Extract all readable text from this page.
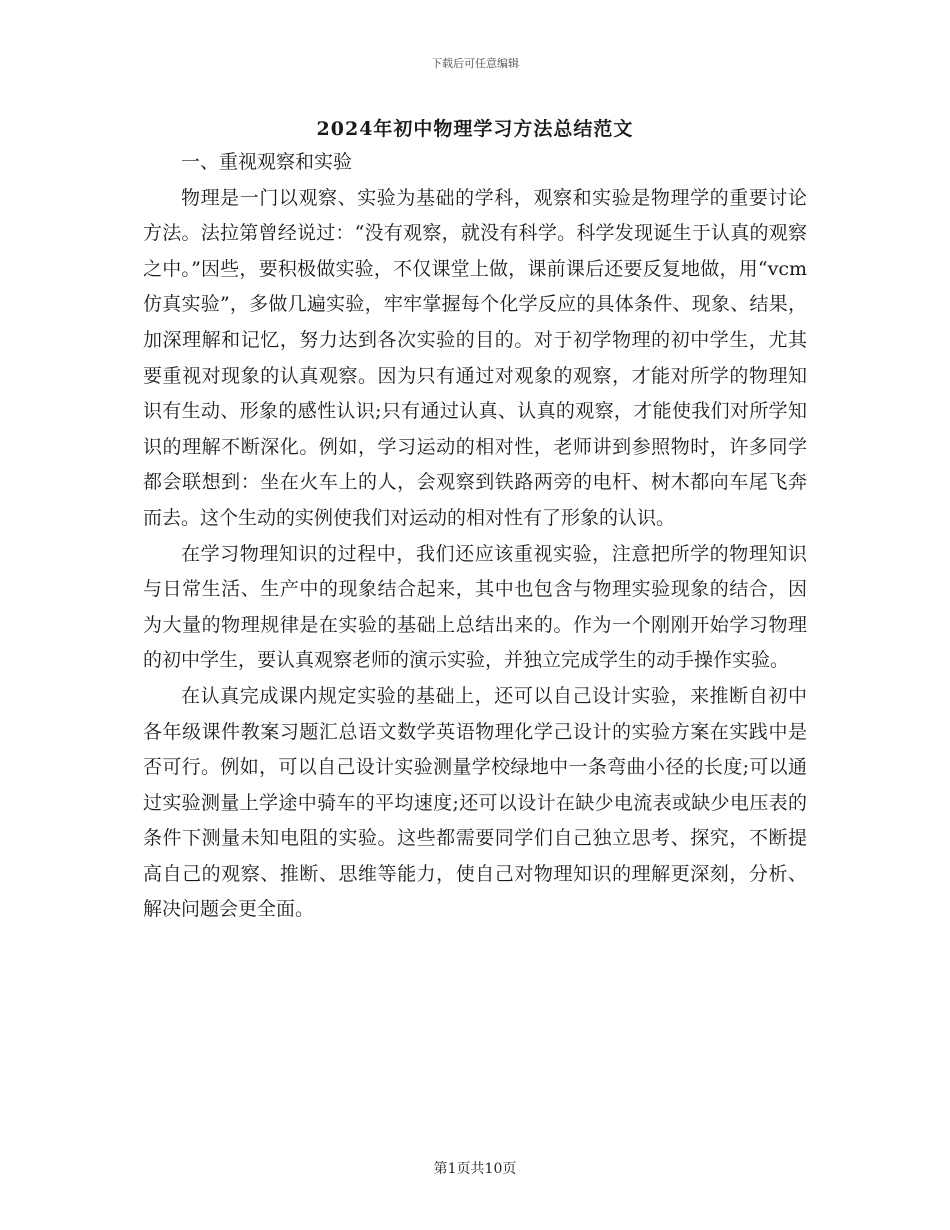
下载后可任意编辑
2024年初中物理学习方法总结范文

一、重视观察和实验

物理是一门以观察、实验为基础的学科，观察和实验是物理学的重要讨论方法。法拉第曾经说过：“没有观察，就没有科学。科学发现诞生于认真的观察之中。”因些，要积极做实验，不仅课堂上做，课前课后还要反复地做，用“vcm仿真实验”，多做几遍实验，牢牢掌握每个化学反应的具体条件、现象、结果，加深理解和记忆，努力达到各次实验的目的。对于初学物理的初中学生，尤其要重视对现象的认真观察。因为只有通过对观象的观察，才能对所学的物理知识有生动、形象的感性认识;只有通过认真、认真的观察，才能使我们对所学知识的理解不断深化。例如，学习运动的相对性，老师讲到参照物时，许多同学都会联想到：坐在火车上的人，会观察到铁路两旁的电杆、树木都向车尾飞奔而去。这个生动的实例使我们对运动的相对性有了形象的认识。

在学习物理知识的过程中，我们还应该重视实验，注意把所学的物理知识与日常生活、生产中的现象结合起来，其中也包含与物理实验现象的结合，因为大量的物理规律是在实验的基础上总结出来的。作为一个刚刚开始学习物理的初中学生，要认真观察老师的演示实验，并独立完成学生的动手操作实验。

在认真完成课内规定实验的基础上，还可以自己设计实验，来推断自初中各年级课件教案习题汇总语文数学英语物理化学己设计的实验方案在实践中是否可行。例如，可以自己设计实验测量学校绿地中一条弯曲小径的长度;可以通过实验测量上学途中骑车的平均速度;还可以设计在缺少电流表或缺少电压表的条件下测量未知电阻的实验。这些都需要同学们自己独立思考、探究，不断提高自己的观察、推断、思维等能力，使自己对物理知识的理解更深刻，分析、解决问题会更全面。

第1页共10页
